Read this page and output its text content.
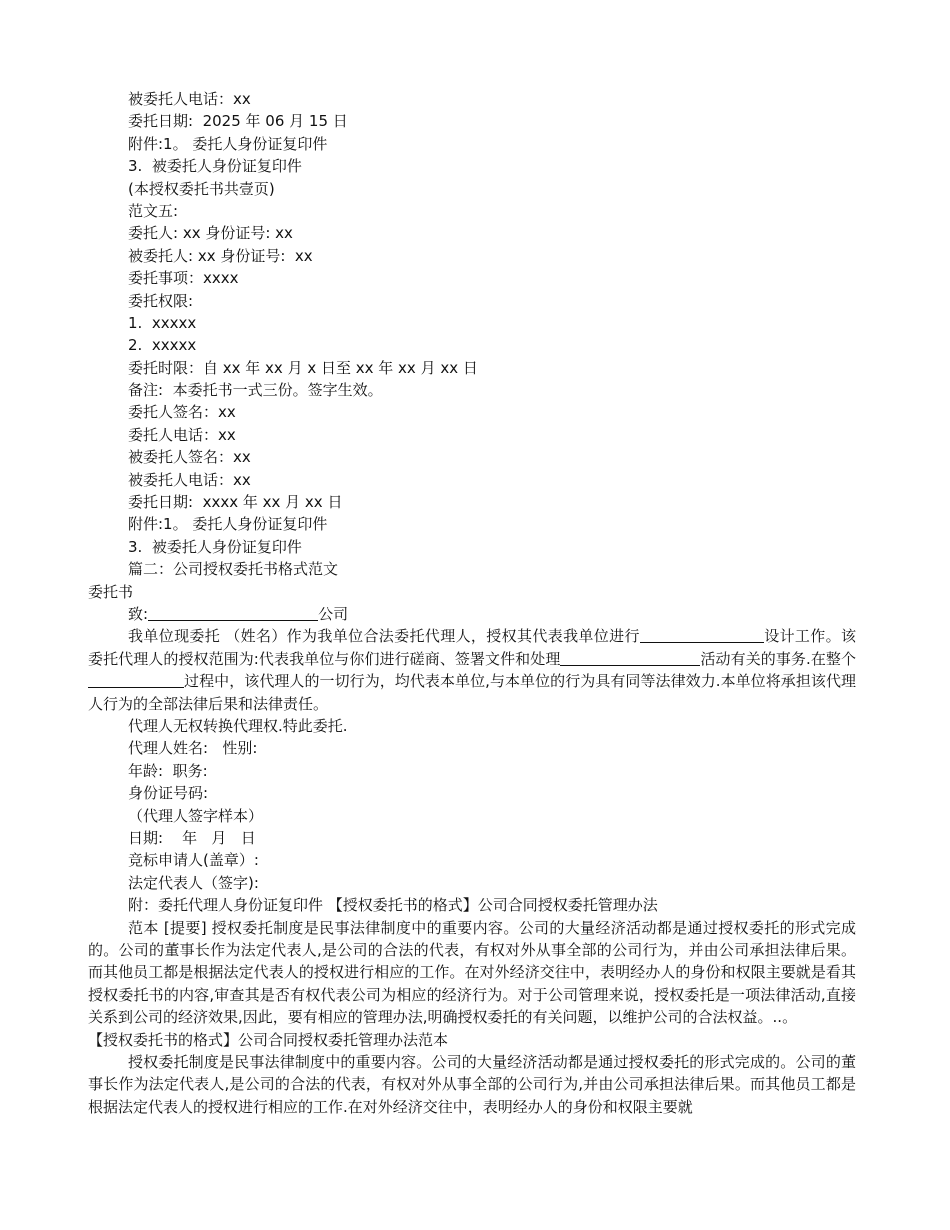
被委托人电话：xx
委托日期:  2025 年 06 月 15 日
附件:1。 委托人身份证复印件
3.  被委托人身份证复印件
(本授权委托书共壹页)
范文五:
委托人: xx 身份证号: xx
被委托人: xx 身份证号:  xx
委托事项：xxxx
委托权限:
1.  xxxxx
2.  xxxxx
委托时限：自 xx 年 xx 月 x 日至 xx 年 xx 月 xx 日
备注:  本委托书一式三份。签字生效。
委托人签名：xx
委托人电话：xx
被委托人签名：xx
被委托人电话：xx
委托日期:  xxxx 年 xx 月 xx 日
附件:1。 委托人身份证复印件
3.  被委托人身份证复印件
篇二：公司授权委托书格式范文
委托书
致:	公司

我单位现委托 （姓名）作为我单位合法委托代理人，授权其代表我单位进行	设计工作。该委托代理人的授权范围为:代表我单位与你们进行磋商、签署文件和处理	活动有关的事务.在整个过程中，该代理人的一切行为，均代表本单位,与本单位的行为具有同等法律效力.本单位将承担该代理人行为的全部法律后果和法律责任。

代理人无权转换代理权.特此委托.
代理人姓名:   性别:
年龄:  职务:
身份证号码:
（代理人签字样本）
日期:    年   月   日
竞标申请人(盖章）:
法定代表人（签字):
附：委托代理人身份证复印件 【授权委托书的格式】公司合同授权委托管理办法

范本 [提要] 授权委托制度是民事法律制度中的重要内容。公司的大量经济活动都是通过授权委托的形式完成的。公司的董事长作为法定代表人,是公司的合法的代表，有权对外从事全部的公司行为，并由公司承担法律后果。而其他员工都是根据法定代表人的授权进行相应的工作。在对外经济交往中，表明经办人的身份和权限主要就是看其授权委托书的内容,审查其是否有权代表公司为相应的经济行为。对于公司管理来说，授权委托是一项法律活动,直接关系到公司的经济效果,因此，要有相应的管理办法,明确授权委托的有关问题，以维护公司的合法权益。..。

【授权委托书的格式】公司合同授权委托管理办法范本

授权委托制度是民事法律制度中的重要内容。公司的大量经济活动都是通过授权委托的形式完成的。公司的董事长作为法定代表人,是公司的合法的代表，有权对外从事全部的公司行为,并由公司承担法律后果。而其他员工都是根据法定代表人的授权进行相应的工作.在对外经济交往中，表明经办人的身份和权限主要就
